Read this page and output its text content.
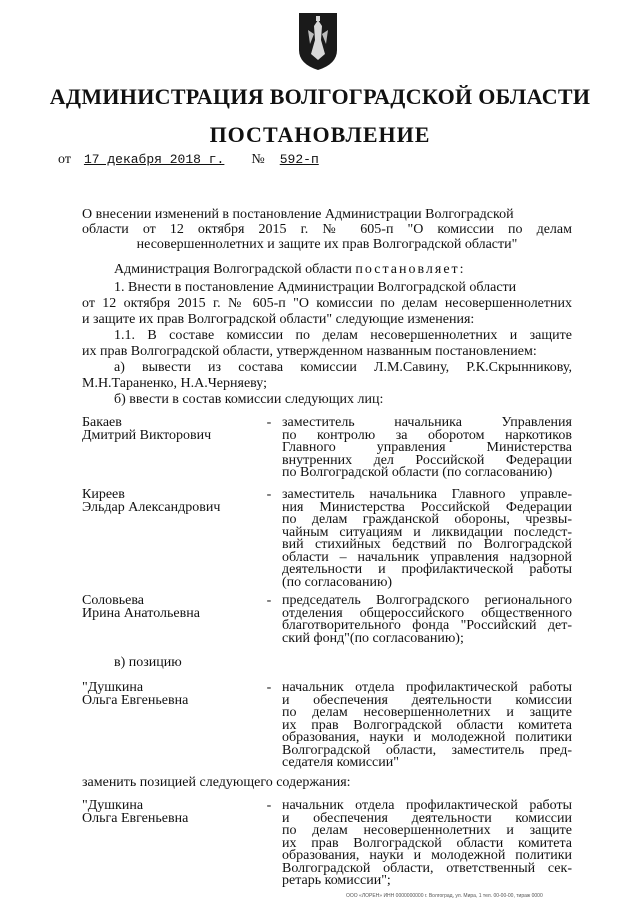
АДМИНИСТРАЦИЯ ВОЛГОГРАДСКОЙ ОБЛАСТИ
ПОСТАНОВЛЕНИЕ
от 17 декабря 2018 г. № 592-п
О внесении изменений в постановление Администрации Волгоградской
области от 12 октября 2015 г. № 605-п "О комиссии по делам
несовершеннолетних и защите их прав Волгоградской области"
Администрация Волгоградской области постановляет:
1. Внести в постановление Администрации Волгоградской области
от 12 октября 2015 г. № 605-п "О комиссии по делам несовершеннолетних
и защите их прав Волгоградской области" следующие изменения:
1.1. В составе комиссии по делам несовершеннолетних и защите
их прав Волгоградской области, утвержденном названным постановлением:
а) вывести из состава комиссии Л.М.Савину, Р.К.Скрынникову,
М.Н.Тараненко, Н.А.Черняеву;
б) ввести в состав комиссии следующих лиц:
Бакаев
Дмитрий Викторович
- заместитель начальника Управления
по контролю за оборотом наркотиков
Главного управления Министерства
внутренних дел Российской Федерации
по Волгоградской области (по согласованию)
Киреев
Эльдар Александрович
- заместитель начальника Главного управле-
ния Министерства Российской Федерации
по делам гражданской обороны, чрезвы-
чайным ситуациям и ликвидации последст-
вий стихийных бедствий по Волгоградской
области – начальник управления надзорной
деятельности и профилактической работы
(по согласованию)
Соловьева
Ирина Анатольевна
- председатель Волгоградского регионального
отделения общероссийского общественного
благотворительного фонда "Российский дет-
ский фонд"(по согласованию);
в) позицию
"Душкина
Ольга Евгеньевна
- начальник отдела профилактической работы
и обеспечения деятельности комиссии
по делам несовершеннолетних и защите
их прав Волгоградской области комитета
образования, науки и молодежной политики
Волгоградской области, заместитель пред-
седателя комиссии"
заменить позицией следующего содержания:
"Душкина
Ольга Евгеньевна
- начальник отдела профилактической работы
и обеспечения деятельности комиссии
по делам несовершеннолетних и защите
их прав Волгоградской области комитета
образования, науки и молодежной политики
Волгоградской области, ответственный сек-
ретарь комиссии";
ООО «ЛОРЕН» ИНН 0000000000 г. Волгоград, ул. Мира, 1 тел. 00-00-00, тираж 0000
